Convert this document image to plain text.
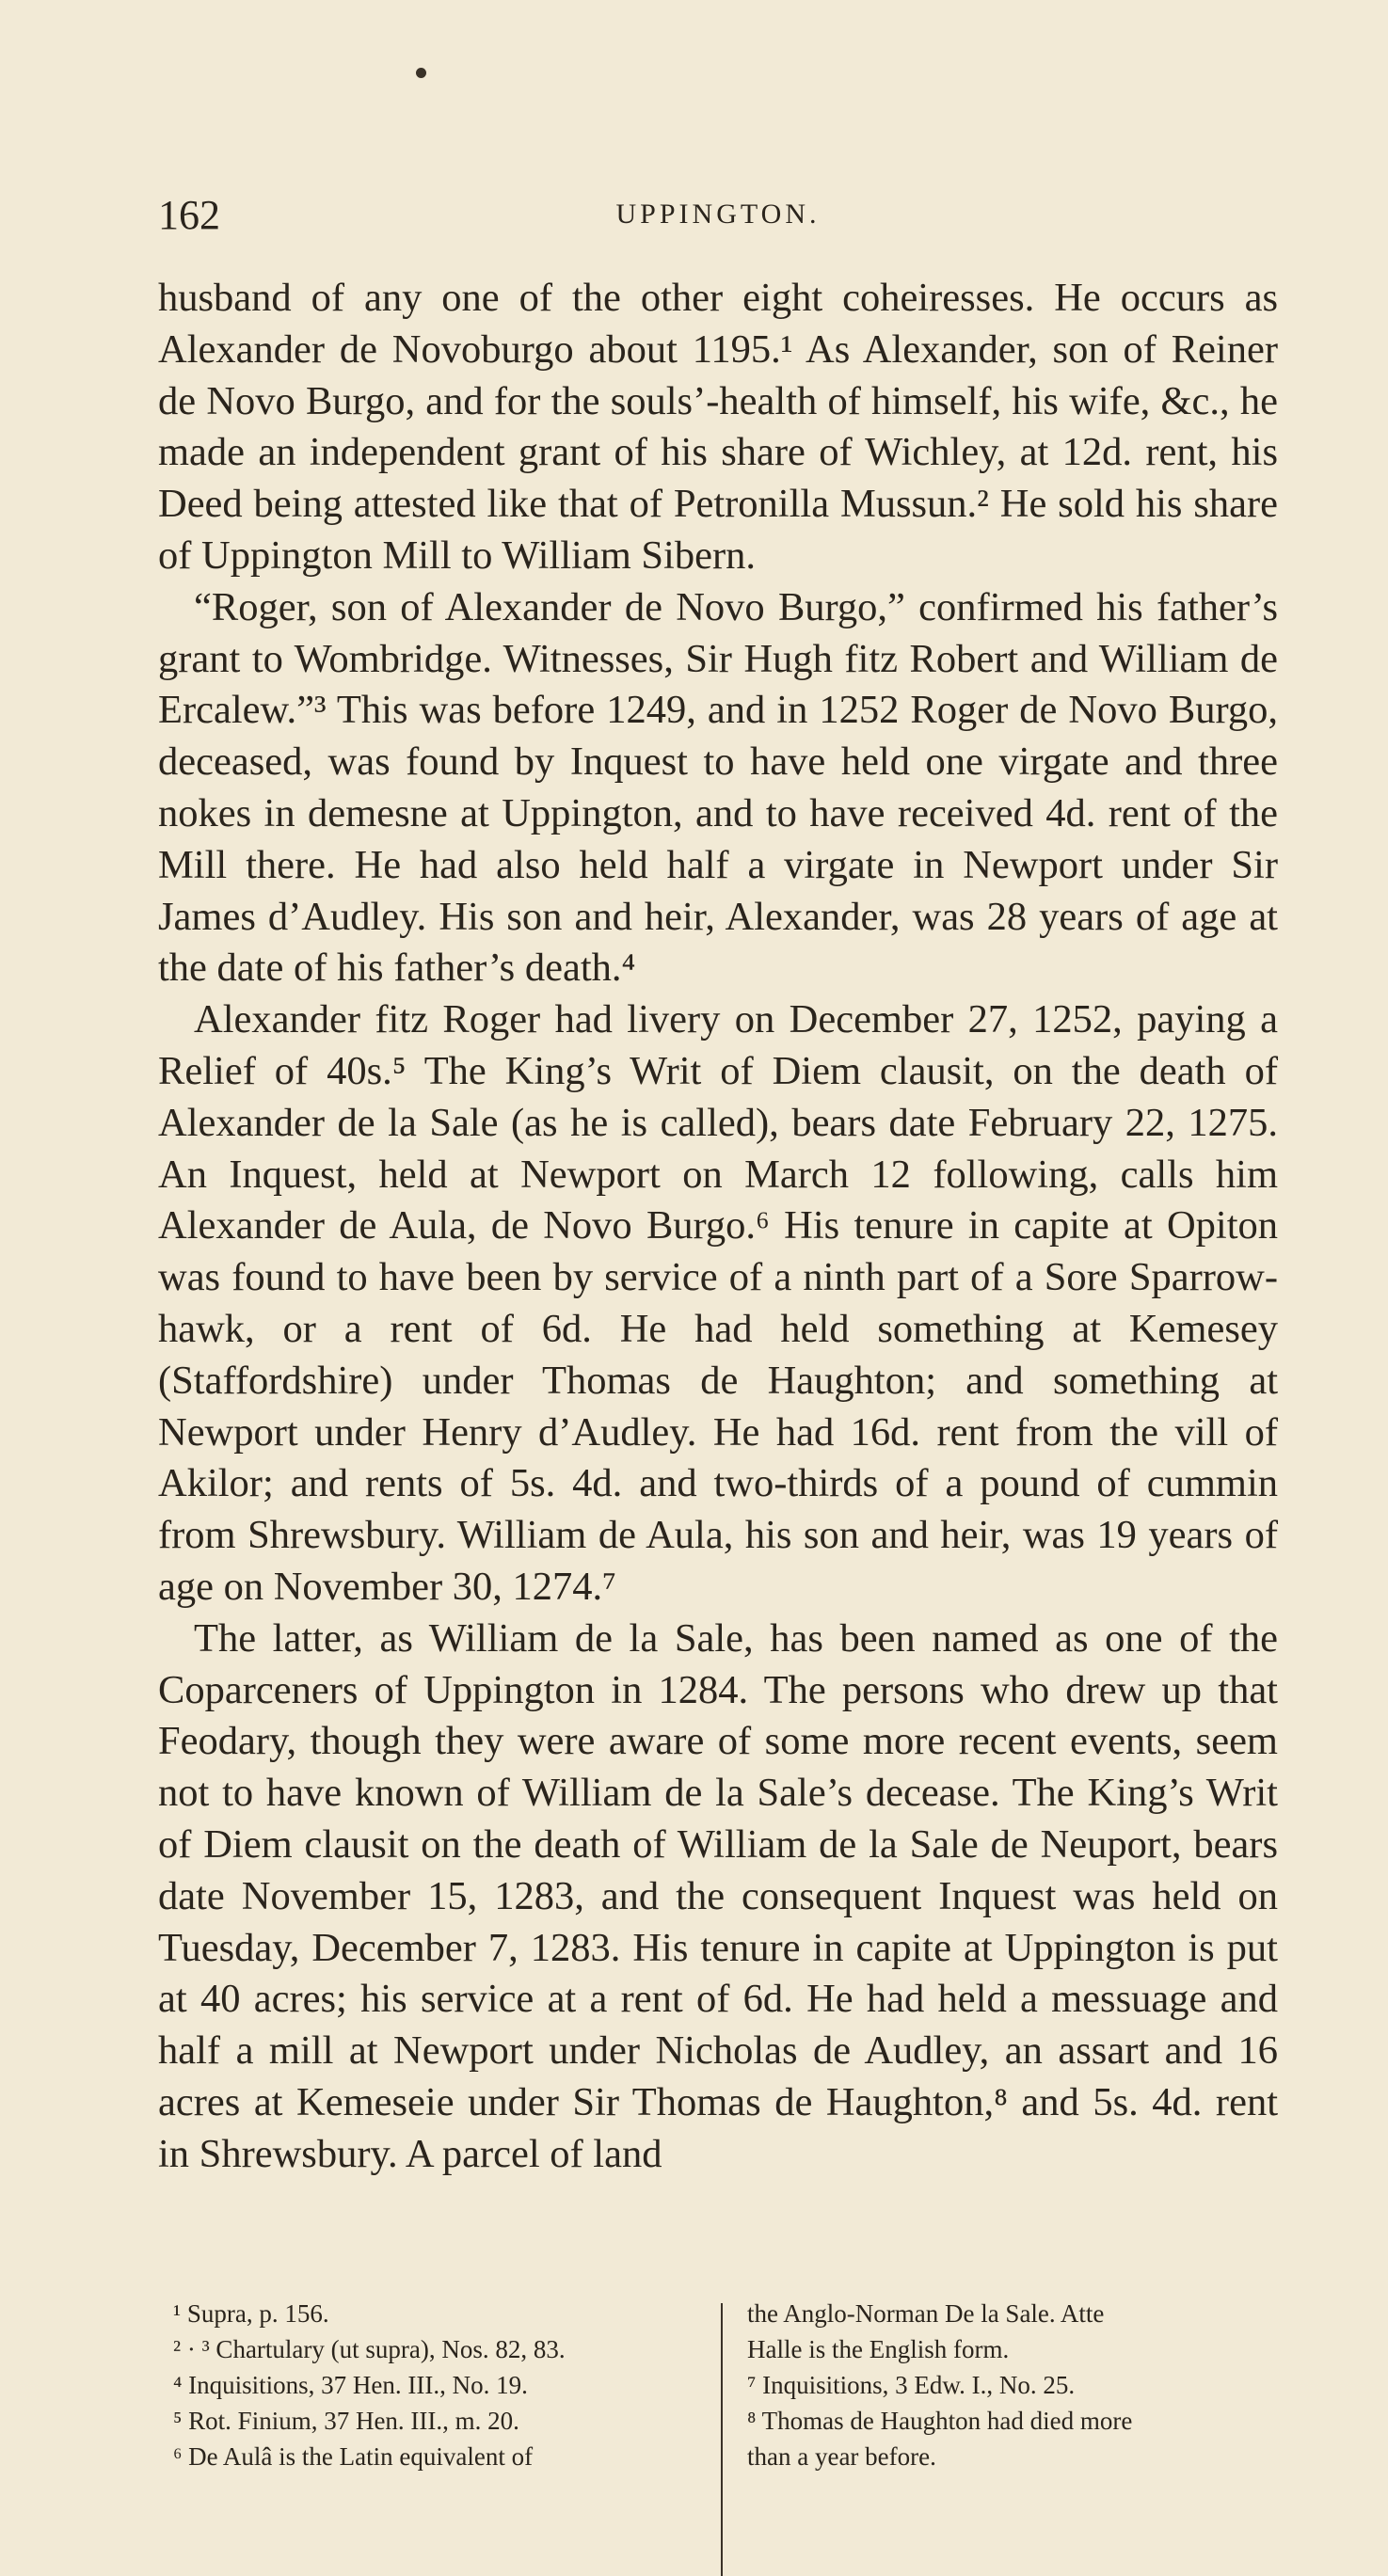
162	UPPINGTON.

husband of any one of the other eight coheiresses. He occurs as Alexander de Novoburgo about 1195.¹ As Alexander, son of Reiner de Novo Burgo, and for the souls’-health of himself, his wife, &c., he made an independent grant of his share of Wichley, at 12d. rent, his Deed being attested like that of Petronilla Mussun.² He sold his share of Uppington Mill to William Sibern.

“Roger, son of Alexander de Novo Burgo,” confirmed his father’s grant to Wombridge. Witnesses, Sir Hugh fitz Robert and William de Ercalew.”³ This was before 1249, and in 1252 Roger de Novo Burgo, deceased, was found by Inquest to have held one virgate and three nokes in demesne at Uppington, and to have received 4d. rent of the Mill there. He had also held half a virgate in Newport under Sir James d’Audley. His son and heir, Alexander, was 28 years of age at the date of his father’s death.⁴

Alexander fitz Roger had livery on December 27, 1252, paying a Relief of 40s.⁵ The King’s Writ of Diem clausit, on the death of Alexander de la Sale (as he is called), bears date February 22, 1275. An Inquest, held at Newport on March 12 following, calls him Alexander de Aula, de Novo Burgo.⁶ His tenure in capite at Opiton was found to have been by service of a ninth part of a Sore Sparrow-hawk, or a rent of 6d. He had held something at Kemesey (Staffordshire) under Thomas de Haughton; and something at Newport under Henry d’Audley. He had 16d. rent from the vill of Akilor; and rents of 5s. 4d. and two-thirds of a pound of cummin from Shrewsbury. William de Aula, his son and heir, was 19 years of age on November 30, 1274.⁷

The latter, as William de la Sale, has been named as one of the Coparceners of Uppington in 1284. The persons who drew up that Feodary, though they were aware of some more recent events, seem not to have known of William de la Sale’s decease. The King’s Writ of Diem clausit on the death of William de la Sale de Neuport, bears date November 15, 1283, and the consequent Inquest was held on Tuesday, December 7, 1283. His tenure in capite at Uppington is put at 40 acres; his service at a rent of 6d. He had held a messuage and half a mill at Newport under Nicholas de Audley, an assart and 16 acres at Kemeseie under Sir Thomas de Haughton,⁸ and 5s. 4d. rent in Shrewsbury. A parcel of land

¹ Supra, p. 156.

² · ³ Chartulary (ut supra), Nos. 82, 83.

⁴ Inquisitions, 37 Hen. III., No. 19.

⁵ Rot. Finium, 37 Hen. III., m. 20.

⁶ De Aulâ is the Latin equivalent of

the Anglo-Norman De la Sale. Atte

Halle is the English form.

⁷ Inquisitions, 3 Edw. I., No. 25.

⁸ Thomas de Haughton had died more

than a year before.
